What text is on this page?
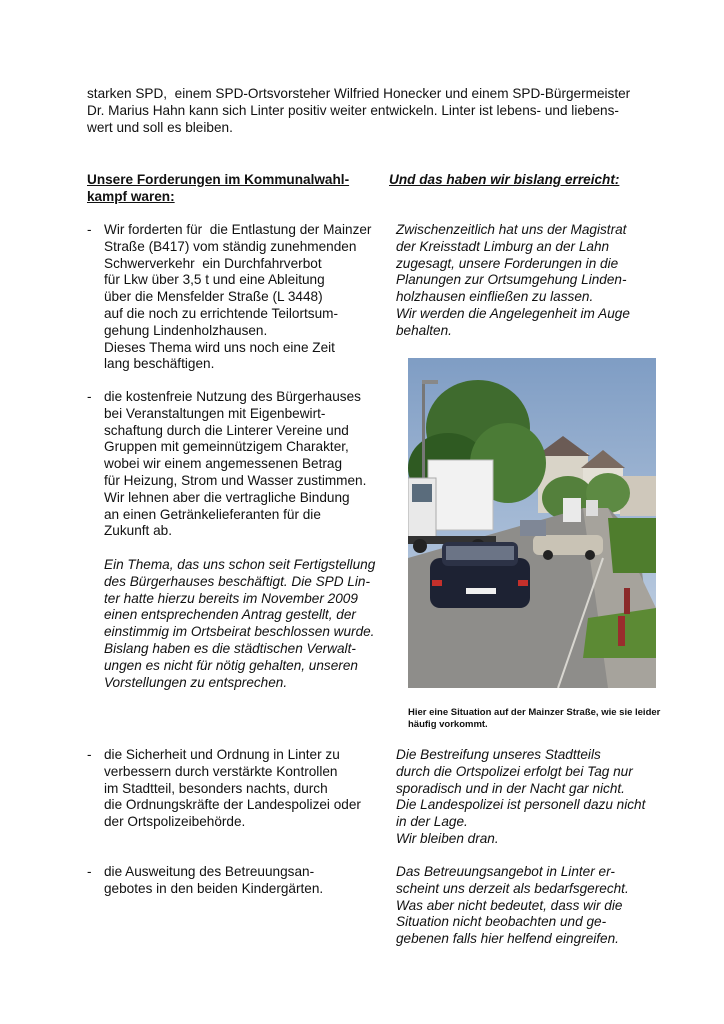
starken SPD,  einem SPD-Ortsvorsteher Wilfried Honecker und einem SPD-Bürgermeister
Dr. Marius Hahn kann sich Linter positiv weiter entwickeln. Linter ist lebens- und liebens-
wert und soll es bleiben.
Unsere Forderungen im Kommunalwahl-
kampf waren:
Und das haben wir bislang erreicht:
- Wir forderten für  die Entlastung der Mainzer
Straße (B417) vom ständig zunehmenden
Schwerverkehr  ein Durchfahrverbot
für Lkw über 3,5 t und eine Ableitung
über die Mensfelder Straße (L 3448)
auf die noch zu errichtende Teilortsum-
gehung Lindenholzhausen.
Dieses Thema wird uns noch eine Zeit
lang beschäftigen.
Zwischenzeitlich hat uns der Magistrat
der Kreisstadt Limburg an der Lahn
zugesagt, unsere Forderungen in die
Planungen zur Ortsumgehung Linden-
holzhausen einfließen zu lassen.
Wir werden die Angelegenheit im Auge
behalten.
- die kostenfreie Nutzung des Bürgerhauses
bei Veranstaltungen mit Eigenbewirt-
schaftung durch die Linterer Vereine und
Gruppen mit gemeinnützigem Charakter,
wobei wir einem angemessenen Betrag
für Heizung, Strom und Wasser zustimmen.
Wir lehnen aber die vertragliche Bindung
an einen Getränkelieferanten für die
Zukunft ab.
Ein Thema, das uns schon seit Fertigstellung
des Bürgerhauses beschäftigt. Die SPD Lin-
ter hatte hierzu bereits im November 2009
einen entsprechenden Antrag gestellt, der
einstimmig im Ortsbeirat beschlossen wurde.
Bislang haben es die städtischen Verwalt-
ungen es nicht für nötig gehalten, unseren
Vorstellungen zu entsprechen.
Hier eine Situation auf der Mainzer Straße, wie sie leider
häufig vorkommt.
- die Sicherheit und Ordnung in Linter zu
verbessern durch verstärkte Kontrollen
im Stadtteil, besonders nachts, durch
die Ordnungskräfte der Landespolizei oder
der Ortspolizeibehörde.
Die Bestreifung unseres Stadtteils
durch die Ortspolizei erfolgt bei Tag nur
sporadisch und in der Nacht gar nicht.
Die Landespolizei ist personell dazu nicht
in der Lage.
Wir bleiben dran.
- die Ausweitung des Betreuungsan-
gebotes in den beiden Kindergärten.
Das Betreuungsangebot in Linter er-
scheint uns derzeit als bedarfsgerecht.
Was aber nicht bedeutet, dass wir die
Situation nicht beobachten und ge-
gebenen falls hier helfend eingreifen.
